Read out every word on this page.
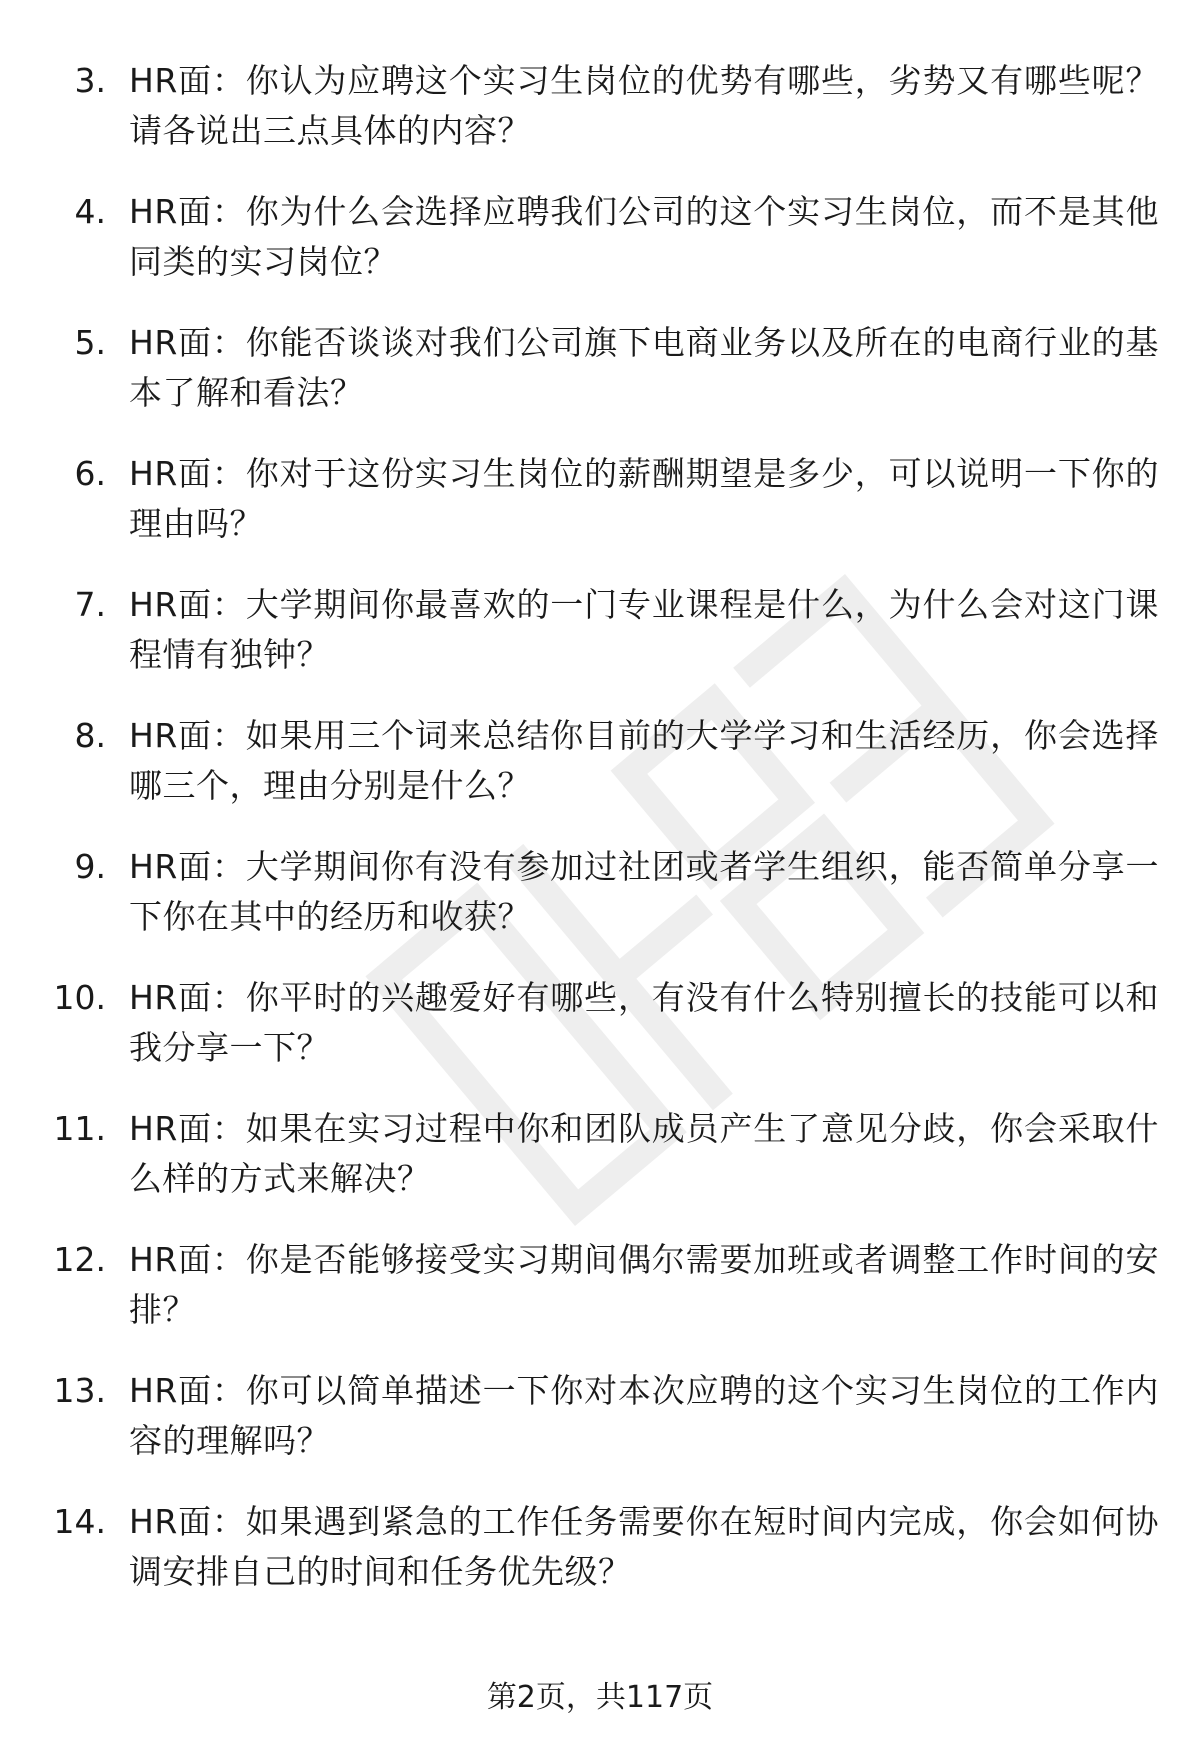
3. HR面：你认为应聘这个实习生岗位的优势有哪些，劣势又有哪些呢？请各说出三点具体的内容？
4. HR面：你为什么会选择应聘我们公司的这个实习生岗位，而不是其他同类的实习岗位？
5. HR面：你能否谈谈对我们公司旗下电商业务以及所在的电商行业的基本了解和看法？
6. HR面：你对于这份实习生岗位的薪酬期望是多少，可以说明一下你的理由吗？
7. HR面：大学期间你最喜欢的一门专业课程是什么，为什么会对这门课程情有独钟？
8. HR面：如果用三个词来总结你目前的大学学习和生活经历，你会选择哪三个，理由分别是什么？
9. HR面：大学期间你有没有参加过社团或者学生组织，能否简单分享一下你在其中的经历和收获？
10. HR面：你平时的兴趣爱好有哪些，有没有什么特别擅长的技能可以和我分享一下？
11. HR面：如果在实习过程中你和团队成员产生了意见分歧，你会采取什么样的方式来解决？
12. HR面：你是否能够接受实习期间偶尔需要加班或者调整工作时间的安排？
13. HR面：你可以简单描述一下你对本次应聘的这个实习生岗位的工作内容的理解吗？
14. HR面：如果遇到紧急的工作任务需要你在短时间内完成，你会如何协调安排自己的时间和任务优先级？
第2页，共117页
